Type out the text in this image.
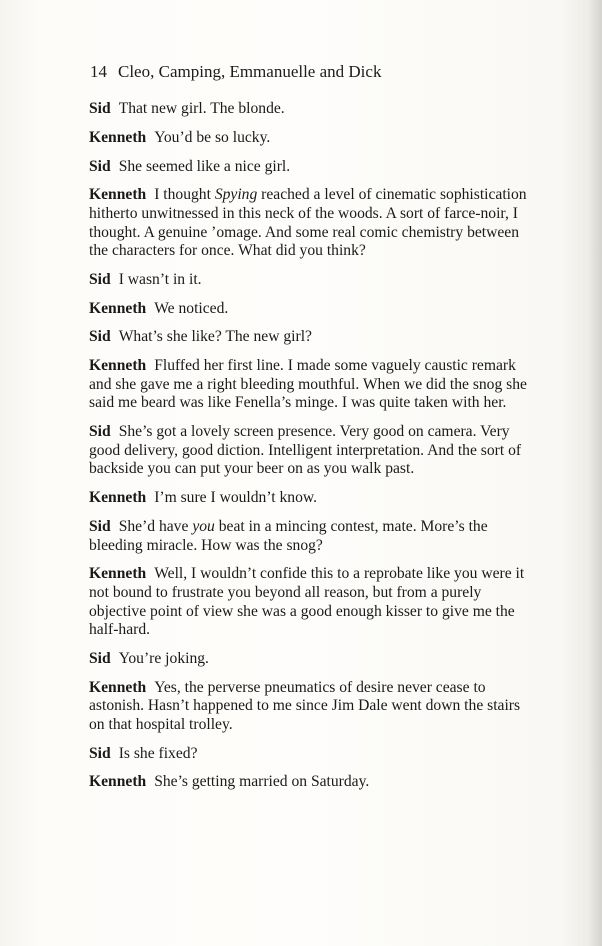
14 Cleo, Camping, Emmanuelle and Dick

Sid That new girl. The blonde.

Kenneth You’d be so lucky.

Sid She seemed like a nice girl.

Kenneth I thought Spying reached a level of cinematic sophistication hitherto unwitnessed in this neck of the woods. A sort of farce-noir, I thought. A genuine ’omage. And some real comic chemistry between the characters for once. What did you think?

Sid I wasn’t in it.

Kenneth We noticed.

Sid What’s she like? The new girl?

Kenneth Fluffed her first line. I made some vaguely caustic remark and she gave me a right bleeding mouthful. When we did the snog she said me beard was like Fenella’s minge. I was quite taken with her.

Sid She’s got a lovely screen presence. Very good on camera. Very good delivery, good diction. Intelligent interpretation. And the sort of backside you can put your beer on as you walk past.

Kenneth I’m sure I wouldn’t know.

Sid She’d have you beat in a mincing contest, mate. More’s the bleeding miracle. How was the snog?

Kenneth Well, I wouldn’t confide this to a reprobate like you were it not bound to frustrate you beyond all reason, but from a purely objective point of view she was a good enough kisser to give me the half-hard.

Sid You’re joking.

Kenneth Yes, the perverse pneumatics of desire never cease to astonish. Hasn’t happened to me since Jim Dale went down the stairs on that hospital trolley.

Sid Is she fixed?

Kenneth She’s getting married on Saturday.
